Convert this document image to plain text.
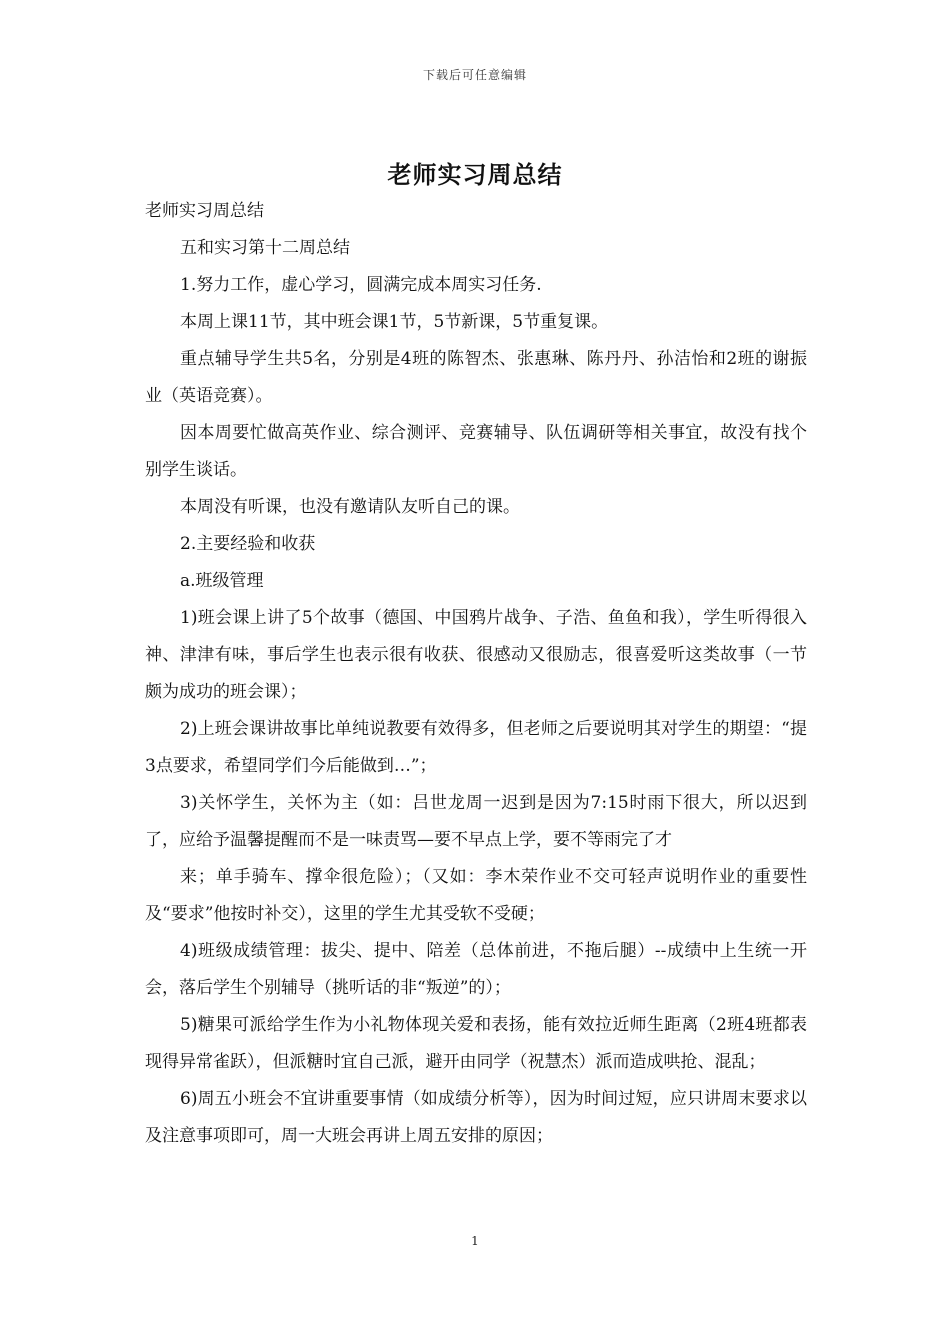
下载后可任意编辑
老师实习周总结

老师实习周总结

五和实习第十二周总结

1.努力工作，虚心学习，圆满完成本周实习任务.

本周上课11节，其中班会课1节，5节新课，5节重复课。

重点辅导学生共5名，分别是4班的陈智杰、张惠琳、陈丹丹、孙洁怡和2班的谢振业（英语竞赛）。

因本周要忙做高英作业、综合测评、竞赛辅导、队伍调研等相关事宜，故没有找个别学生谈话。

本周没有听课，也没有邀请队友听自己的课。

2.主要经验和收获

a.班级管理

1)班会课上讲了5个故事（德国、中国鸦片战争、子浩、鱼鱼和我），学生听得很入神、津津有味，事后学生也表示很有收获、很感动又很励志，很喜爱听这类故事（一节颇为成功的班会课）；

2)上班会课讲故事比单纯说教要有效得多，但老师之后要说明其对学生的期望：“提3点要求，希望同学们今后能做到…”；

3)关怀学生，关怀为主（如：吕世龙周一迟到是因为7:15时雨下很大，所以迟到了，应给予温馨提醒而不是一味责骂—要不早点上学，要不等雨完了才

来；单手骑车、撑伞很危险）；（又如：李木荣作业不交可轻声说明作业的重要性及“要求”他按时补交），这里的学生尤其受软不受硬；

4)班级成绩管理：拔尖、提中、陪差（总体前进，不拖后腿）--成绩中上生统一开会，落后学生个别辅导（挑听话的非“叛逆”的）；

5)糖果可派给学生作为小礼物体现关爱和表扬，能有效拉近师生距离（2班4班都表现得异常雀跃），但派糖时宜自己派，避开由同学（祝慧杰）派而造成哄抢、混乱；

6)周五小班会不宜讲重要事情（如成绩分析等），因为时间过短，应只讲周末要求以及注意事项即可，周一大班会再讲上周五安排的原因；

1
